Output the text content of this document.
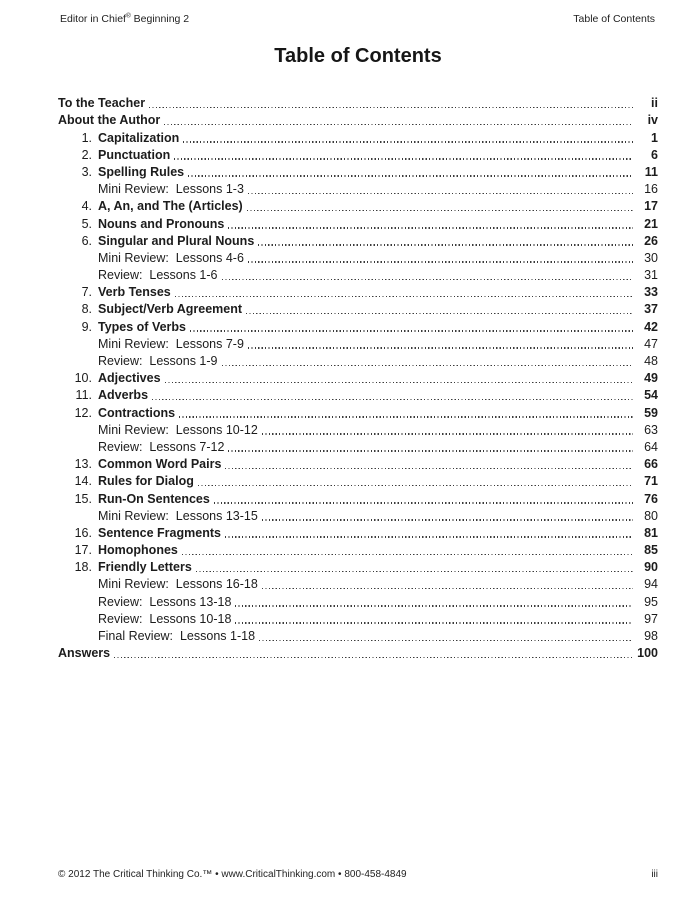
Editor in Chief® Beginning 2	Table of Contents
Table of Contents
To the Teacher	ii
About the Author	iv
1. Capitalization	1
2. Punctuation	6
3. Spelling Rules	11
Mini Review:  Lessons 1-3	16
4. A, An, and The (Articles)	17
5. Nouns and Pronouns	21
6. Singular and Plural Nouns	26
Mini Review:  Lessons 4-6	30
Review:  Lessons 1-6	31
7. Verb Tenses	33
8. Subject/Verb Agreement	37
9. Types of Verbs	42
Mini Review:  Lessons 7-9	47
Review:  Lessons 1-9	48
10. Adjectives	49
11. Adverbs	54
12. Contractions	59
Mini Review:  Lessons 10-12	63
Review:  Lessons 7-12	64
13. Common Word Pairs	66
14. Rules for Dialog	71
15. Run-On Sentences	76
Mini Review:  Lessons 13-15	80
16. Sentence Fragments	81
17. Homophones	85
18. Friendly Letters	90
Mini Review:  Lessons 16-18	94
Review:  Lessons 13-18	95
Review:  Lessons 10-18	97
Final Review:  Lessons 1-18	98
Answers	100
© 2012 The Critical Thinking Co.™ • www.CriticalThinking.com • 800-458-4849	iii
